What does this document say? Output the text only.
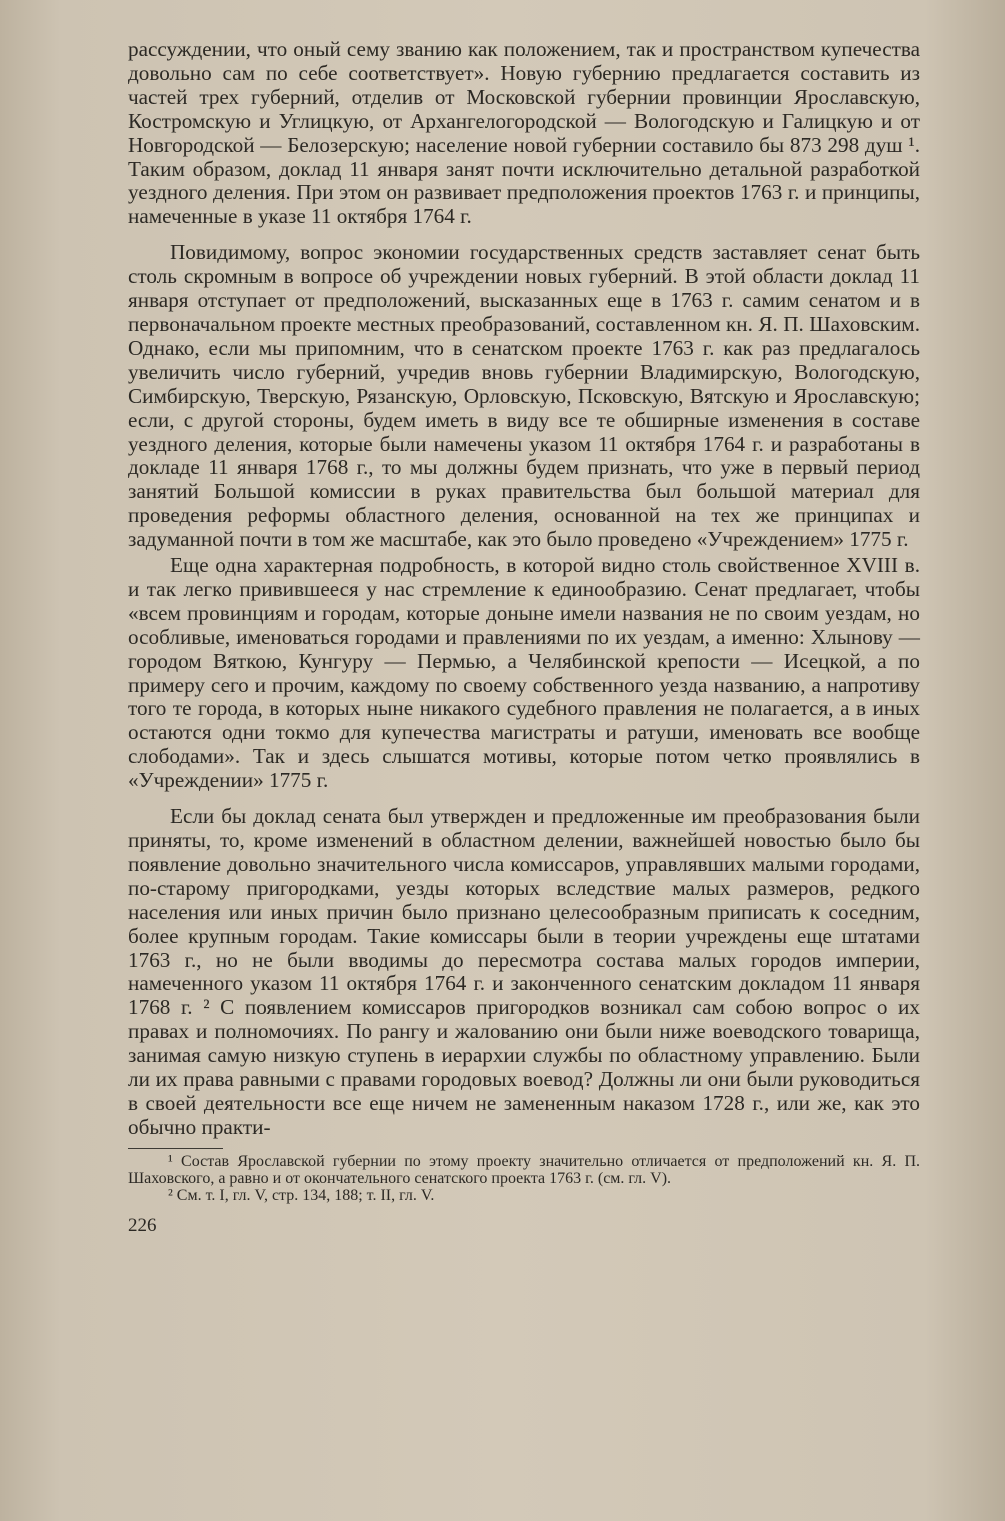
рассуждении, что оный сему званию как положением, так и пространством купечества довольно сам по себе соответствует». Новую губернию предлагается составить из частей трех губерний, отделив от Московской губернии провинции Ярославскую, Костромскую и Углицкую, от Архангелогородской — Вологодскую и Галицкую и от Новгородской — Белозерскую; население новой губернии составило бы 873 298 душ ¹. Таким образом, доклад 11 января занят почти исключительно детальной разработкой уездного деления. При этом он развивает предположения проектов 1763 г. и принципы, намеченные в указе 11 октября 1764 г.

Повидимому, вопрос экономии государственных средств заставляет сенат быть столь скромным в вопросе об учреждении новых губерний. В этой области доклад 11 января отступает от предположений, высказанных еще в 1763 г. самим сенатом и в первоначальном проекте местных преобразований, составленном кн. Я. П. Шаховским. Однако, если мы припомним, что в сенатском проекте 1763 г. как раз предлагалось увеличить число губерний, учредив вновь губернии Владимирскую, Вологодскую, Симбирскую, Тверскую, Рязанскую, Орловскую, Псковскую, Вятскую и Ярославскую; если, с другой стороны, будем иметь в виду все те обширные изменения в составе уездного деления, которые были намечены указом 11 октября 1764 г. и разработаны в докладе 11 января 1768 г., то мы должны будем признать, что уже в первый период занятий Большой комиссии в руках правительства был большой материал для проведения реформы областного деления, основанной на тех же принципах и задуманной почти в том же масштабе, как это было проведено «Учреждением» 1775 г.

Еще одна характерная подробность, в которой видно столь свойственное XVIII в. и так легко привившееся у нас стремление к единообразию. Сенат предлагает, чтобы «всем провинциям и городам, которые доныне имели названия не по своим уездам, но особливые, именоваться городами и правлениями по их уездам, а именно: Хлынову — городом Вяткою, Кунгуру — Пермью, а Челябинской крепости — Исецкой, а по примеру сего и прочим, каждому по своему собственного уезда названию, а напротиву того те города, в которых ныне никакого судебного правления не полагается, а в иных остаются одни токмо для купечества магистраты и ратуши, именовать все вообще слободами». Так и здесь слышатся мотивы, которые потом четко проявлялись в «Учреждении» 1775 г.

Если бы доклад сената был утвержден и предложенные им преобразования были приняты, то, кроме изменений в областном делении, важнейшей новостью было бы появление довольно значительного числа комиссаров, управлявших малыми городами, по-старому пригородками, уезды которых вследствие малых размеров, редкого населения или иных причин было признано целесообразным приписать к соседним, более крупным городам. Такие комиссары были в теории учреждены еще штатами 1763 г., но не были вводимы до пересмотра состава малых городов империи, намеченного указом 11 октября 1764 г. и законченного сенатским докладом 11 января 1768 г. ² С появлением комиссаров пригородков возникал сам собою вопрос о их правах и полномочиях. По рангу и жалованию они были ниже воеводского товарища, занимая самую низкую ступень в иерархии службы по областному управлению. Были ли их права равными с правами городовых воевод? Должны ли они были руководиться в своей деятельности все еще ничем не замененным наказом 1728 г., или же, как это обычно практи-

¹ Состав Ярославской губернии по этому проекту значительно отличается от предположений кн. Я. П. Шаховского, а равно и от окончательного сенатского проекта 1763 г. (см. гл. V).

² См. т. I, гл. V, стр. 134, 188; т. II, гл. V.

226
